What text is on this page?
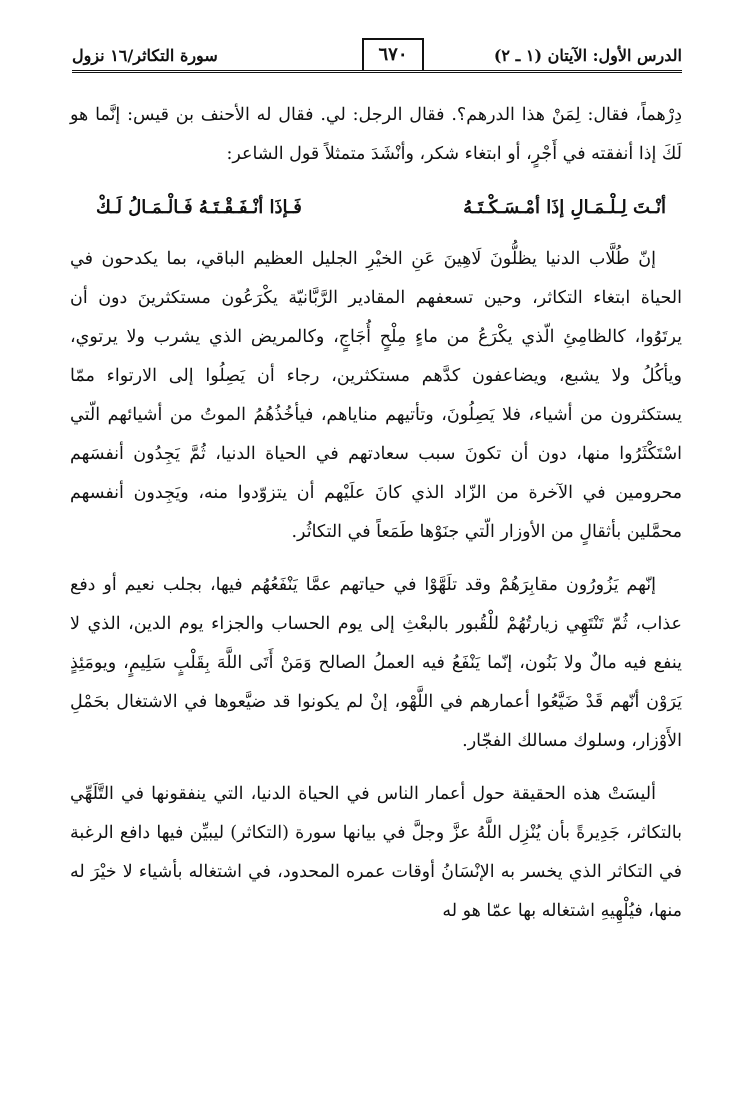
الدرس الأول: الآيتان (١ ـ ٢)
٦٧٠
سورة التكاثر/١٦ نزول

دِرْهماً، فقال: لِمَنْ هذا الدرهم؟. فقال الرجل: لي. فقال له الأحنف بن قيس: إنَّما هو لَكَ إذا أنفقته في أَجْرٍ، أو ابتغاء شكر، وأنْشَدَ متمثلاً قول الشاعر:

أنْـتَ لِـلْـمَـالِ إذَا أمْـسَـكْـتَـهُ
فَـإذَا أنْـفَـقْـتَـهُ فَـالْـمَـالُ لَـكْ

إنّ طُلَّاب الدنيا يظلُّونَ لَاهِينَ عَنِ الخيْرِ الجليل العظيم الباقي، بما يكدحون في الحياة ابتغاء التكاثر، وحين تسعفهم المقادير الرَّبَّانيّة يكْرَعُون مستكثرينَ دون أن يرتَوُوا، كالظامِئِ الّذي يكْرَعُ من ماءٍ مِلْحٍ أُجَاجٍ، وكالمريض الذي يشرب ولا يرتوي، ويأكُلُ ولا يشبع، ويضاعفون كدَّهم مستكثرين، رجاء أن يَصِلُوا إلى الارتواء ممّا يستكثرون من أشياء، فلا يَصِلُونَ، وتأتيهم مناياهم، فيأخُذُهُمُ الموتُ من أشيائهم الّتي اسْتَكْثَرُوا منها، دون أن تكونَ سبب سعادتهم في الحياة الدنيا، ثُمَّ يَجِدُون أنفسَهم محرومين في الآخرة من الزّاد الذي كانَ علَيْهم أن يتزوّدوا منه، ويَجِدون أنفسهم محمَّلين بأثقالٍ من الأوزار الّتي جنَوْها طَمَعاً في التكاثُر.

إنّهم يَزُورُون مقابِرَهُمْ وقد تلَهَّوْا في حياتهم عمَّا يَنْفَعُهُم فيها، بجلب نعيم أو دفع عذاب، ثُمّ تَنْتَهِي زيارتُهُمْ للْقُبور بالبعْثِ إلى يوم الحساب والجزاء يوم الدين، الذي لا ينفع فيه مالٌ ولا بَنُون، إنّما يَنْفَعُ فيه العملُ الصالح وَمَنْ أَتَى اللَّهَ بِقَلْبٍ سَلِيمٍ، ويومَئِذٍ يَرَوْن أنّهم قَدْ ضَيَّعُوا أعمارهم في اللَّهْو، إنْ لم يكونوا قد ضيَّعوها في الاشتغال بحَمْلِ الأَوْزار، وسلوك مسالك الفجّار.

أليسَتْ هذه الحقيقة حول أعمار الناس في الحياة الدنيا، التي ينفقونها في التَّلَهِّي بالتكاثر، جَدِيرةً بأن يُنْزِل اللَّهُ عزَّ وجلَّ في بيانها سورة (التكاثر) ليبيِّن فيها دافع الرغبة في التكاثر الذي يخسر به الإنْسَانُ أوقات عمره المحدود، في اشتغاله بأشياء لا خيْرَ له منها، فيُلْهِيهِ اشتغاله بها عمّا هو له
